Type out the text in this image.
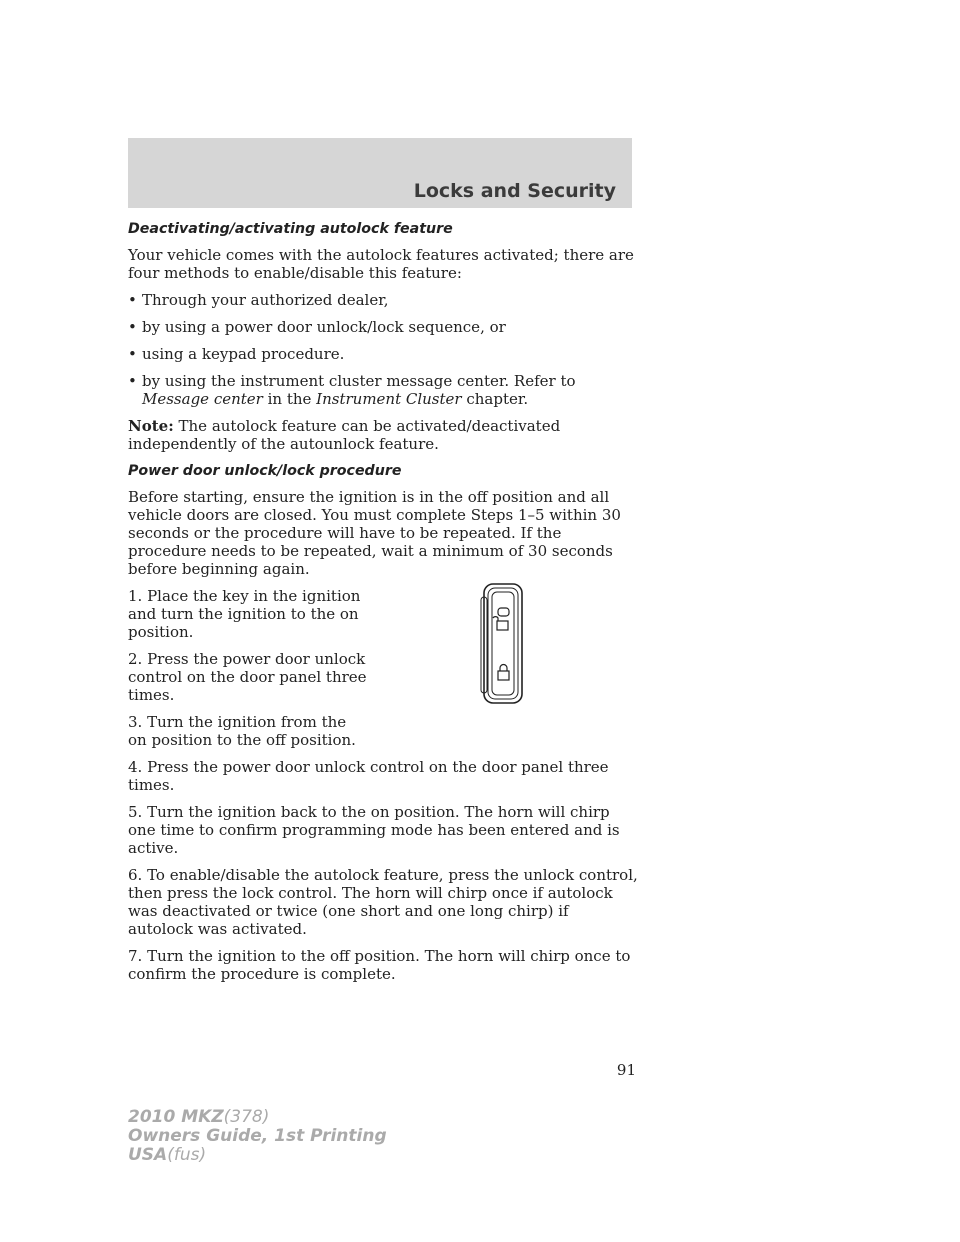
Locks and Security
Deactivating/activating autolock feature

Your vehicle comes with the autolock features activated; there are four methods to enable/disable this feature:

• Through your authorized dealer,
• by using a power door unlock/lock sequence, or
• using a keypad procedure.
• by using the instrument cluster message center. Refer to Message center in the Instrument Cluster chapter.

Note: The autolock feature can be activated/deactivated independently of the autounlock feature.

Power door unlock/lock procedure

Before starting, ensure the ignition is in the off position and all vehicle doors are closed. You must complete Steps 1–5 within 30 seconds or the procedure will have to be repeated. If the procedure needs to be repeated, wait a minimum of 30 seconds before beginning again.

1. Place the key in the ignition and turn the ignition to the on position.

2. Press the power door unlock control on the door panel three times.

3. Turn the ignition from the on position to the off position.

4. Press the power door unlock control on the door panel three times.

5. Turn the ignition back to the on position. The horn will chirp one time to confirm programming mode has been entered and is active.

6. To enable/disable the autolock feature, press the unlock control, then press the lock control. The horn will chirp once if autolock was deactivated or twice (one short and one long chirp) if autolock was activated.

7. Turn the ignition to the off position. The horn will chirp once to confirm the procedure is complete.

91
2010 MKZ(378)
Owners Guide, 1st Printing
USA(fus)
